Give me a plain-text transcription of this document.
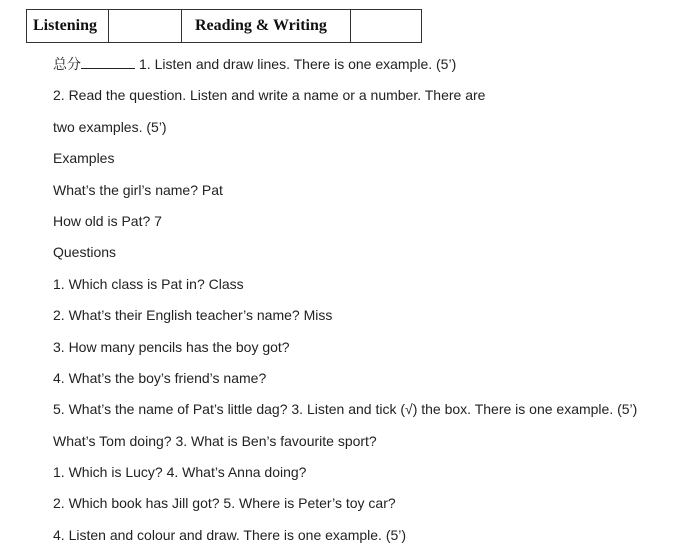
Listening		Reading & Writing	
总分	1. Listen and draw lines. There is one example. (5’)
2. Read the question. Listen and write a name or a number. There are
two examples. (5’)
Examples
What’s the girl’s name? Pat
How old is Pat? 7
Questions
1. Which class is Pat in? Class
2. What’s their English teacher’s name? Miss
3. How many pencils has the boy got?
4. What’s the boy’s friend’s name?
5. What’s the name of Pat’s little dag? 3. Listen and tick (√) the box. There is one example. (5’)
What’s Tom doing? 3. What is Ben’s favourite sport?
1. Which is Lucy? 4. What’s Anna doing?
2. Which book has Jill got? 5. Where is Peter’s toy car?
4. Listen and colour and draw. There is one example. (5’)
